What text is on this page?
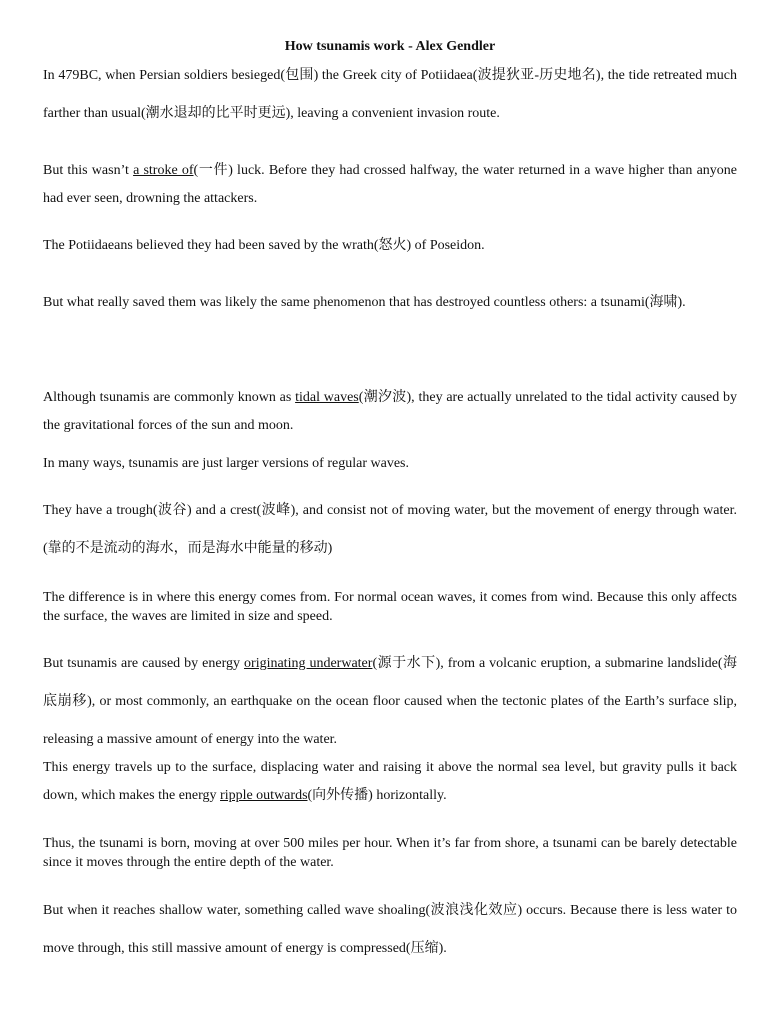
How tsunamis work - Alex Gendler

In 479BC, when Persian soldiers besieged(包围) the Greek city of Potiidaea(波提狄亚-历史地名), the tide retreated much farther than usual(潮水退却的比平时更远), leaving a convenient invasion route.

But this wasn’t a stroke of(一件) luck. Before they had crossed halfway, the water returned in a wave higher than anyone had ever seen, drowning the attackers.

The Potiidaeans believed they had been saved by the wrath(怒火) of Poseidon.

But what really saved them was likely the same phenomenon that has destroyed countless others: a tsunami(海啸).

Although tsunamis are commonly known as tidal waves(潮汐波), they are actually unrelated to the tidal activity caused by the gravitational forces of the sun and moon.

In many ways, tsunamis are just larger versions of regular waves.

They have a trough(波谷) and a crest(波峰), and consist not of moving water, but the movement of energy through water.(靠的不是流动的海水，而是海水中能量的移动)

The difference is in where this energy comes from. For normal ocean waves, it comes from wind. Because this only affects the surface, the waves are limited in size and speed.

But tsunamis are caused by energy originating underwater(源于水下), from a volcanic eruption, a submarine landslide(海底崩移), or most commonly, an earthquake on the ocean floor caused when the tectonic plates of the Earth’s surface slip, releasing a massive amount of energy into the water.

This energy travels up to the surface, displacing water and raising it above the normal sea level, but gravity pulls it back down, which makes the energy ripple outwards(向外传播) horizontally.

Thus, the tsunami is born, moving at over 500 miles per hour. When it’s far from shore, a tsunami can be barely detectable since it moves through the entire depth of the water.

But when it reaches shallow water, something called wave shoaling(波浪浅化效应) occurs. Because there is less water to move through, this still massive amount of energy is compressed(压缩).
